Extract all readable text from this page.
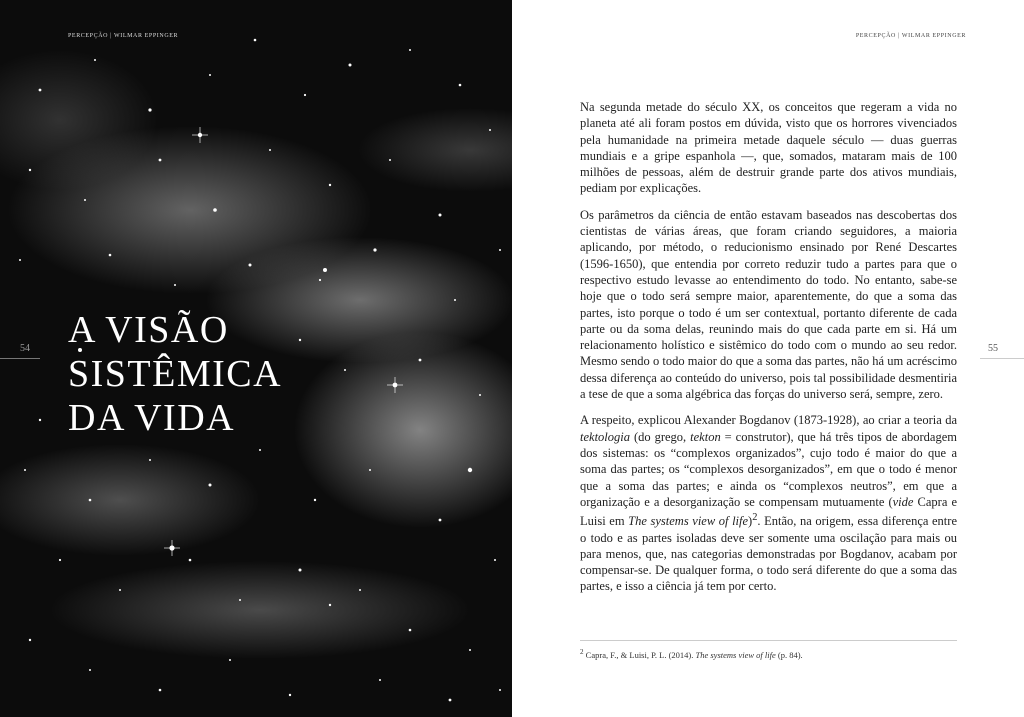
PERCEPÇÃO | WILMAR EPPINGER
A VISÃO
SISTÊMICA
DA VIDA
54
PERCEPÇÃO | WILMAR EPPINGER

Na segunda metade do século XX, os conceitos que regeram a vida no planeta até ali foram postos em dúvida, visto que os horrores vivenciados pela humanidade na primeira metade daquele século — duas guerras mundiais e a gripe espanhola —, que, somados, mataram mais de 100 milhões de pessoas, além de destruir grande parte dos ativos mundiais, pediam por explicações.

Os parâmetros da ciência de então estavam baseados nas descobertas dos cientistas de várias áreas, que foram criando seguidores, a maioria aplicando, por método, o reducionismo ensinado por René Descartes (1596-1650), que entendia por correto reduzir tudo a partes para que o respectivo estudo levasse ao entendimento do todo. No entanto, sabe-se hoje que o todo será sempre maior, aparentemente, do que a soma das partes, isto porque o todo é um ser contextual, portanto diferente de cada parte ou da soma delas, reunindo mais do que cada parte em si. Há um relacionamento holístico e sistêmico do todo com o mundo ao seu redor. Mesmo sendo o todo maior do que a soma das partes, não há um acréscimo dessa diferença ao conteúdo do universo, pois tal possibilidade desmentiria a tese de que a soma algébrica das forças do universo será, sempre, zero.

A respeito, explicou Alexander Bogdanov (1873-1928), ao criar a teoria da tektologia (do grego, tekton = construtor), que há três tipos de abordagem dos sistemas: os “complexos organizados”, cujo todo é maior do que a soma das partes; os “complexos desorganizados”, em que o todo é menor que a soma das partes; e ainda os “complexos neutros”, em que a organização e a desorganização se compensam mutuamente (vide Capra e Luisi em The systems view of life)$^2$. Então, na origem, essa diferença entre o todo e as partes isoladas deve ser somente uma oscilação para mais ou para menos, que, nas categorias demonstradas por Bogdanov, acabam por compensar-se. De qualquer forma, o todo será diferente do que a soma das partes, e isso a ciência já tem por certo.

55

$^2$ Capra, F., & Luisi, P. L. (2014). The systems view of life (p. 84).
